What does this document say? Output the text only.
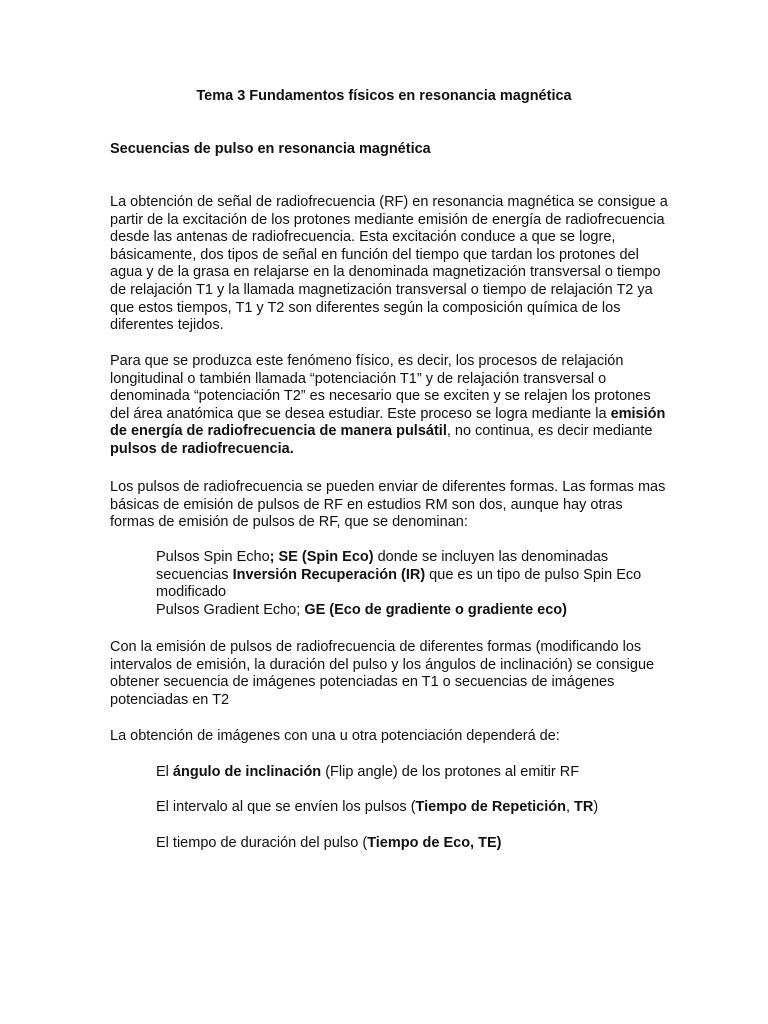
Tema 3 Fundamentos físicos en resonancia magnética
Secuencias de pulso en resonancia magnética
La obtención de señal de radiofrecuencia (RF) en resonancia magnética se consigue a partir de la excitación de los protones mediante emisión de energía de radiofrecuencia desde las antenas de radiofrecuencia. Esta excitación conduce a que se logre, básicamente, dos tipos de señal en función del tiempo que tardan los protones del agua y de la grasa en relajarse en la denominada magnetización transversal o tiempo de relajación T1 y la llamada magnetización transversal o tiempo de relajación T2 ya que estos tiempos, T1 y T2 son diferentes según la composición química de los diferentes tejidos.
Para que se produzca este fenómeno físico, es decir, los procesos de relajación longitudinal o también llamada “potenciación T1” y de relajación transversal o denominada “potenciación T2” es necesario que se exciten y se relajen los protones del área anatómica que se desea estudiar. Este proceso se logra mediante la emisión de energía de radiofrecuencia de manera pulsátil, no continua, es decir mediante pulsos de radiofrecuencia.
Los pulsos de radiofrecuencia se pueden enviar de diferentes formas. Las formas mas básicas de emisión de pulsos de RF en estudios RM son dos, aunque hay otras formas de emisión de pulsos de RF, que se denominan:
Pulsos Spin Echo; SE (Spin Eco) donde se incluyen las denominadas secuencias Inversión Recuperación (IR) que es un tipo de pulso Spin Eco modificado
Pulsos Gradient Echo; GE (Eco de gradiente o gradiente eco)
Con la emisión de pulsos de radiofrecuencia de diferentes formas (modificando los intervalos de emisión, la duración del pulso y los ángulos de inclinación) se consigue obtener secuencia de imágenes potenciadas en T1 o secuencias de imágenes potenciadas en T2
La obtención de imágenes con una u otra potenciación dependerá de:
El ángulo de inclinación (Flip angle) de los protones al emitir RF
El intervalo al que se envíen los pulsos (Tiempo de Repetición, TR)
El tiempo de duración del pulso (Tiempo de Eco, TE)
